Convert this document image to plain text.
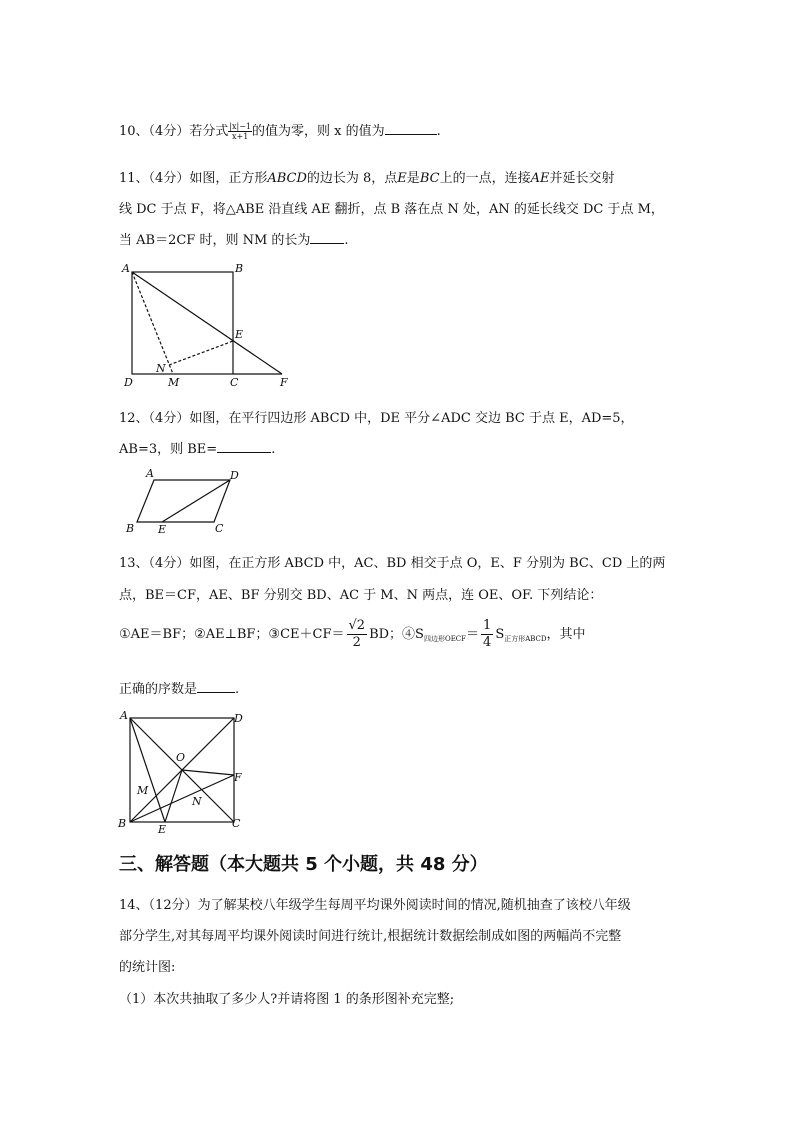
10、（4分）若分式 $\frac{|x|-1}{x+1}$ 的值为零，则 x 的值为	.
11、（4分）如图，正方形ABCD的边长为 8，点E是BC上的一点，连接AE并延长交射
线 DC 于点 F，将△ABE 沿直线 AE 翻折，点 B 落在点 N 处，AN 的延长线交 DC 于点 M，
当 AB＝2CF 时，则 NM 的长为	.
A	B
C
D
E
F
N
M
12、（4分）如图，在平行四边形 ABCD 中，DE 平分∠ADC 交边 BC 于点 E，AD=5，
AB=3，则 BE=	.
A	D
B E	C
13、（4分）如图，在正方形 ABCD 中，AC、BD 相交于点 O，E、F 分别为 BC、CD 上的两
点，BE＝CF，AE、BF 分别交 BD、AC 于 M、N 两点，连 OE、OF. 下列结论：
①AE＝BF；②AE⊥BF；③CE＋CF＝ $\frac{√2}{2}$ BD；$④S_{四边形OECF}= \frac{1}{4} S_{正方形ABCD}$，其中
正确的序数是	.
A	D
O
F
M
N
B	E	C
三、解答题（本大题共 5 个小题，共 48 分）
14、（12分）为了解某校八年级学生每周平均课外阅读时间的情况,随机抽查了该校八年级
部分学生,对其每周平均课外阅读时间进行统计,根据统计数据绘制成如图的两幅尚不完整
的统计图:
（1）本次共抽取了多少人?并请将图 1 的条形图补充完整;
